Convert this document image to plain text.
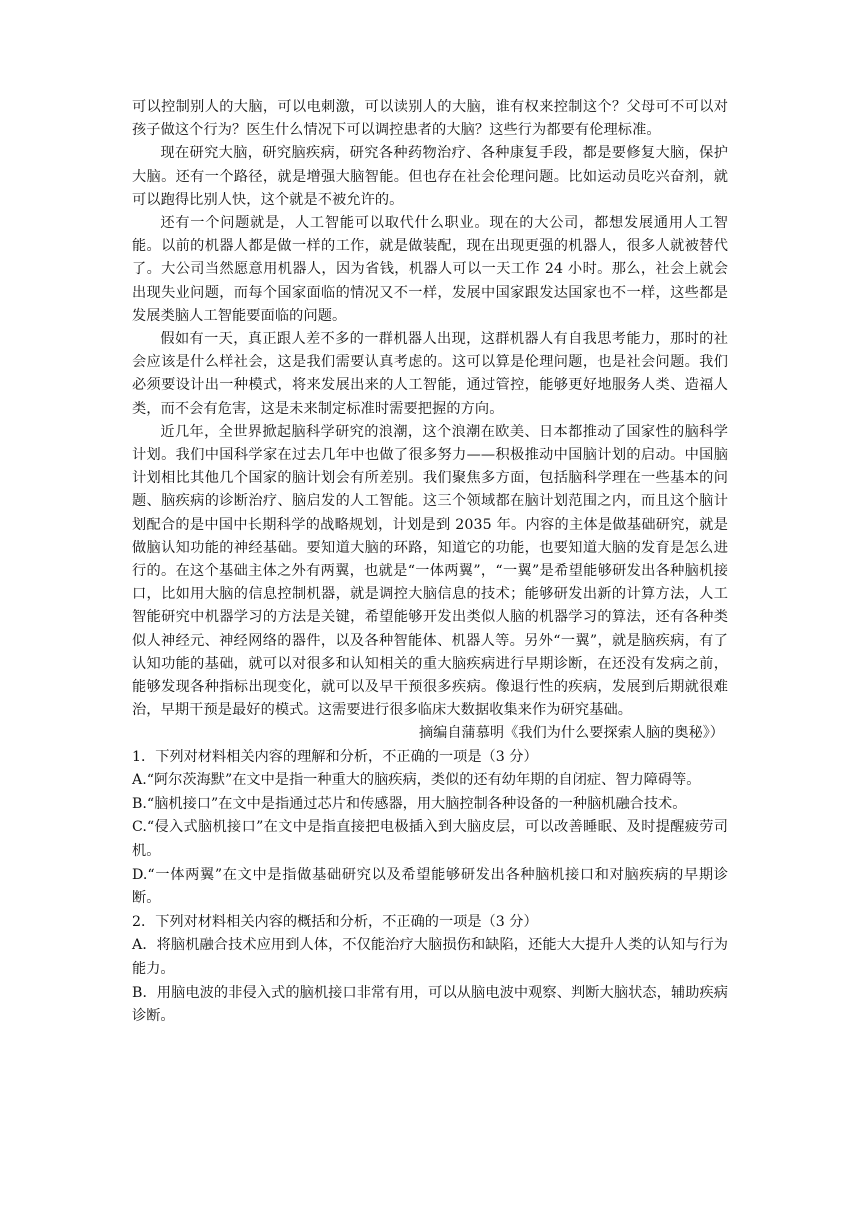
可以控制别人的大脑，可以电刺激，可以读别人的大脑，谁有权来控制这个？父母可不可以对孩子做这个行为？医生什么情况下可以调控患者的大脑？这些行为都要有伦理标准。

现在研究大脑，研究脑疾病，研究各种药物治疗、各种康复手段，都是要修复大脑，保护大脑。还有一个路径，就是增强大脑智能。但也存在社会伦理问题。比如运动员吃兴奋剂，就可以跑得比别人快，这个就是不被允许的。

还有一个问题就是，人工智能可以取代什么职业。现在的大公司，都想发展通用人工智能。以前的机器人都是做一样的工作，就是做装配，现在出现更强的机器人，很多人就被替代了。大公司当然愿意用机器人，因为省钱，机器人可以一天工作 24 小时。那么，社会上就会出现失业问题，而每个国家面临的情况又不一样，发展中国家跟发达国家也不一样，这些都是发展类脑人工智能要面临的问题。

假如有一天，真正跟人差不多的一群机器人出现，这群机器人有自我思考能力，那时的社会应该是什么样社会，这是我们需要认真考虑的。这可以算是伦理问题，也是社会问题。我们必须要设计出一种模式，将来发展出来的人工智能，通过管控，能够更好地服务人类、造福人类，而不会有危害，这是未来制定标准时需要把握的方向。

近几年，全世界掀起脑科学研究的浪潮，这个浪潮在欧美、日本都推动了国家性的脑科学计划。我们中国科学家在过去几年中也做了很多努力——积极推动中国脑计划的启动。中国脑计划相比其他几个国家的脑计划会有所差别。我们聚焦多方面，包括脑科学理在一些基本的问题、脑疾病的诊断治疗、脑启发的人工智能。这三个领域都在脑计划范围之内，而且这个脑计划配合的是中国中长期科学的战略规划，计划是到 2035 年。内容的主体是做基础研究，就是做脑认知功能的神经基础。要知道大脑的环路，知道它的功能，也要知道大脑的发育是怎么进行的。在这个基础主体之外有两翼，也就是“一体两翼”，“一翼”是希望能够研发出各种脑机接口，比如用大脑的信息控制机器，就是调控大脑信息的技术；能够研发出新的计算方法，人工智能研究中机器学习的方法是关键，希望能够开发出类似人脑的机器学习的算法，还有各种类似人神经元、神经网络的器件，以及各种智能体、机器人等。另外“一翼”，就是脑疾病，有了认知功能的基础，就可以对很多和认知相关的重大脑疾病进行早期诊断，在还没有发病之前，能够发现各种指标出现变化，就可以及早干预很多疾病。像退行性的疾病，发展到后期就很难治，早期干预是最好的模式。这需要进行很多临床大数据收集来作为研究基础。

摘编自蒲慕明《我们为什么要探索人脑的奥秘》）

1．下列对材料相关内容的理解和分析，不正确的一项是（3 分）

A.“阿尔茨海默”在文中是指一种重大的脑疾病，类似的还有幼年期的自闭症、智力障碍等。

B.“脑机接口”在文中是指通过芯片和传感器，用大脑控制各种设备的一种脑机融合技术。

C.“侵入式脑机接口”在文中是指直接把电极插入到大脑皮层，可以改善睡眠、及时提醒疲劳司机。

D.“一体两翼”在文中是指做基础研究以及希望能够研发出各种脑机接口和对脑疾病的早期诊断。

2．下列对材料相关内容的概括和分析，不正确的一项是（3 分）

A．将脑机融合技术应用到人体，不仅能治疗大脑损伤和缺陷，还能大大提升人类的认知与行为能力。

B．用脑电波的非侵入式的脑机接口非常有用，可以从脑电波中观察、判断大脑状态，辅助疾病诊断。
